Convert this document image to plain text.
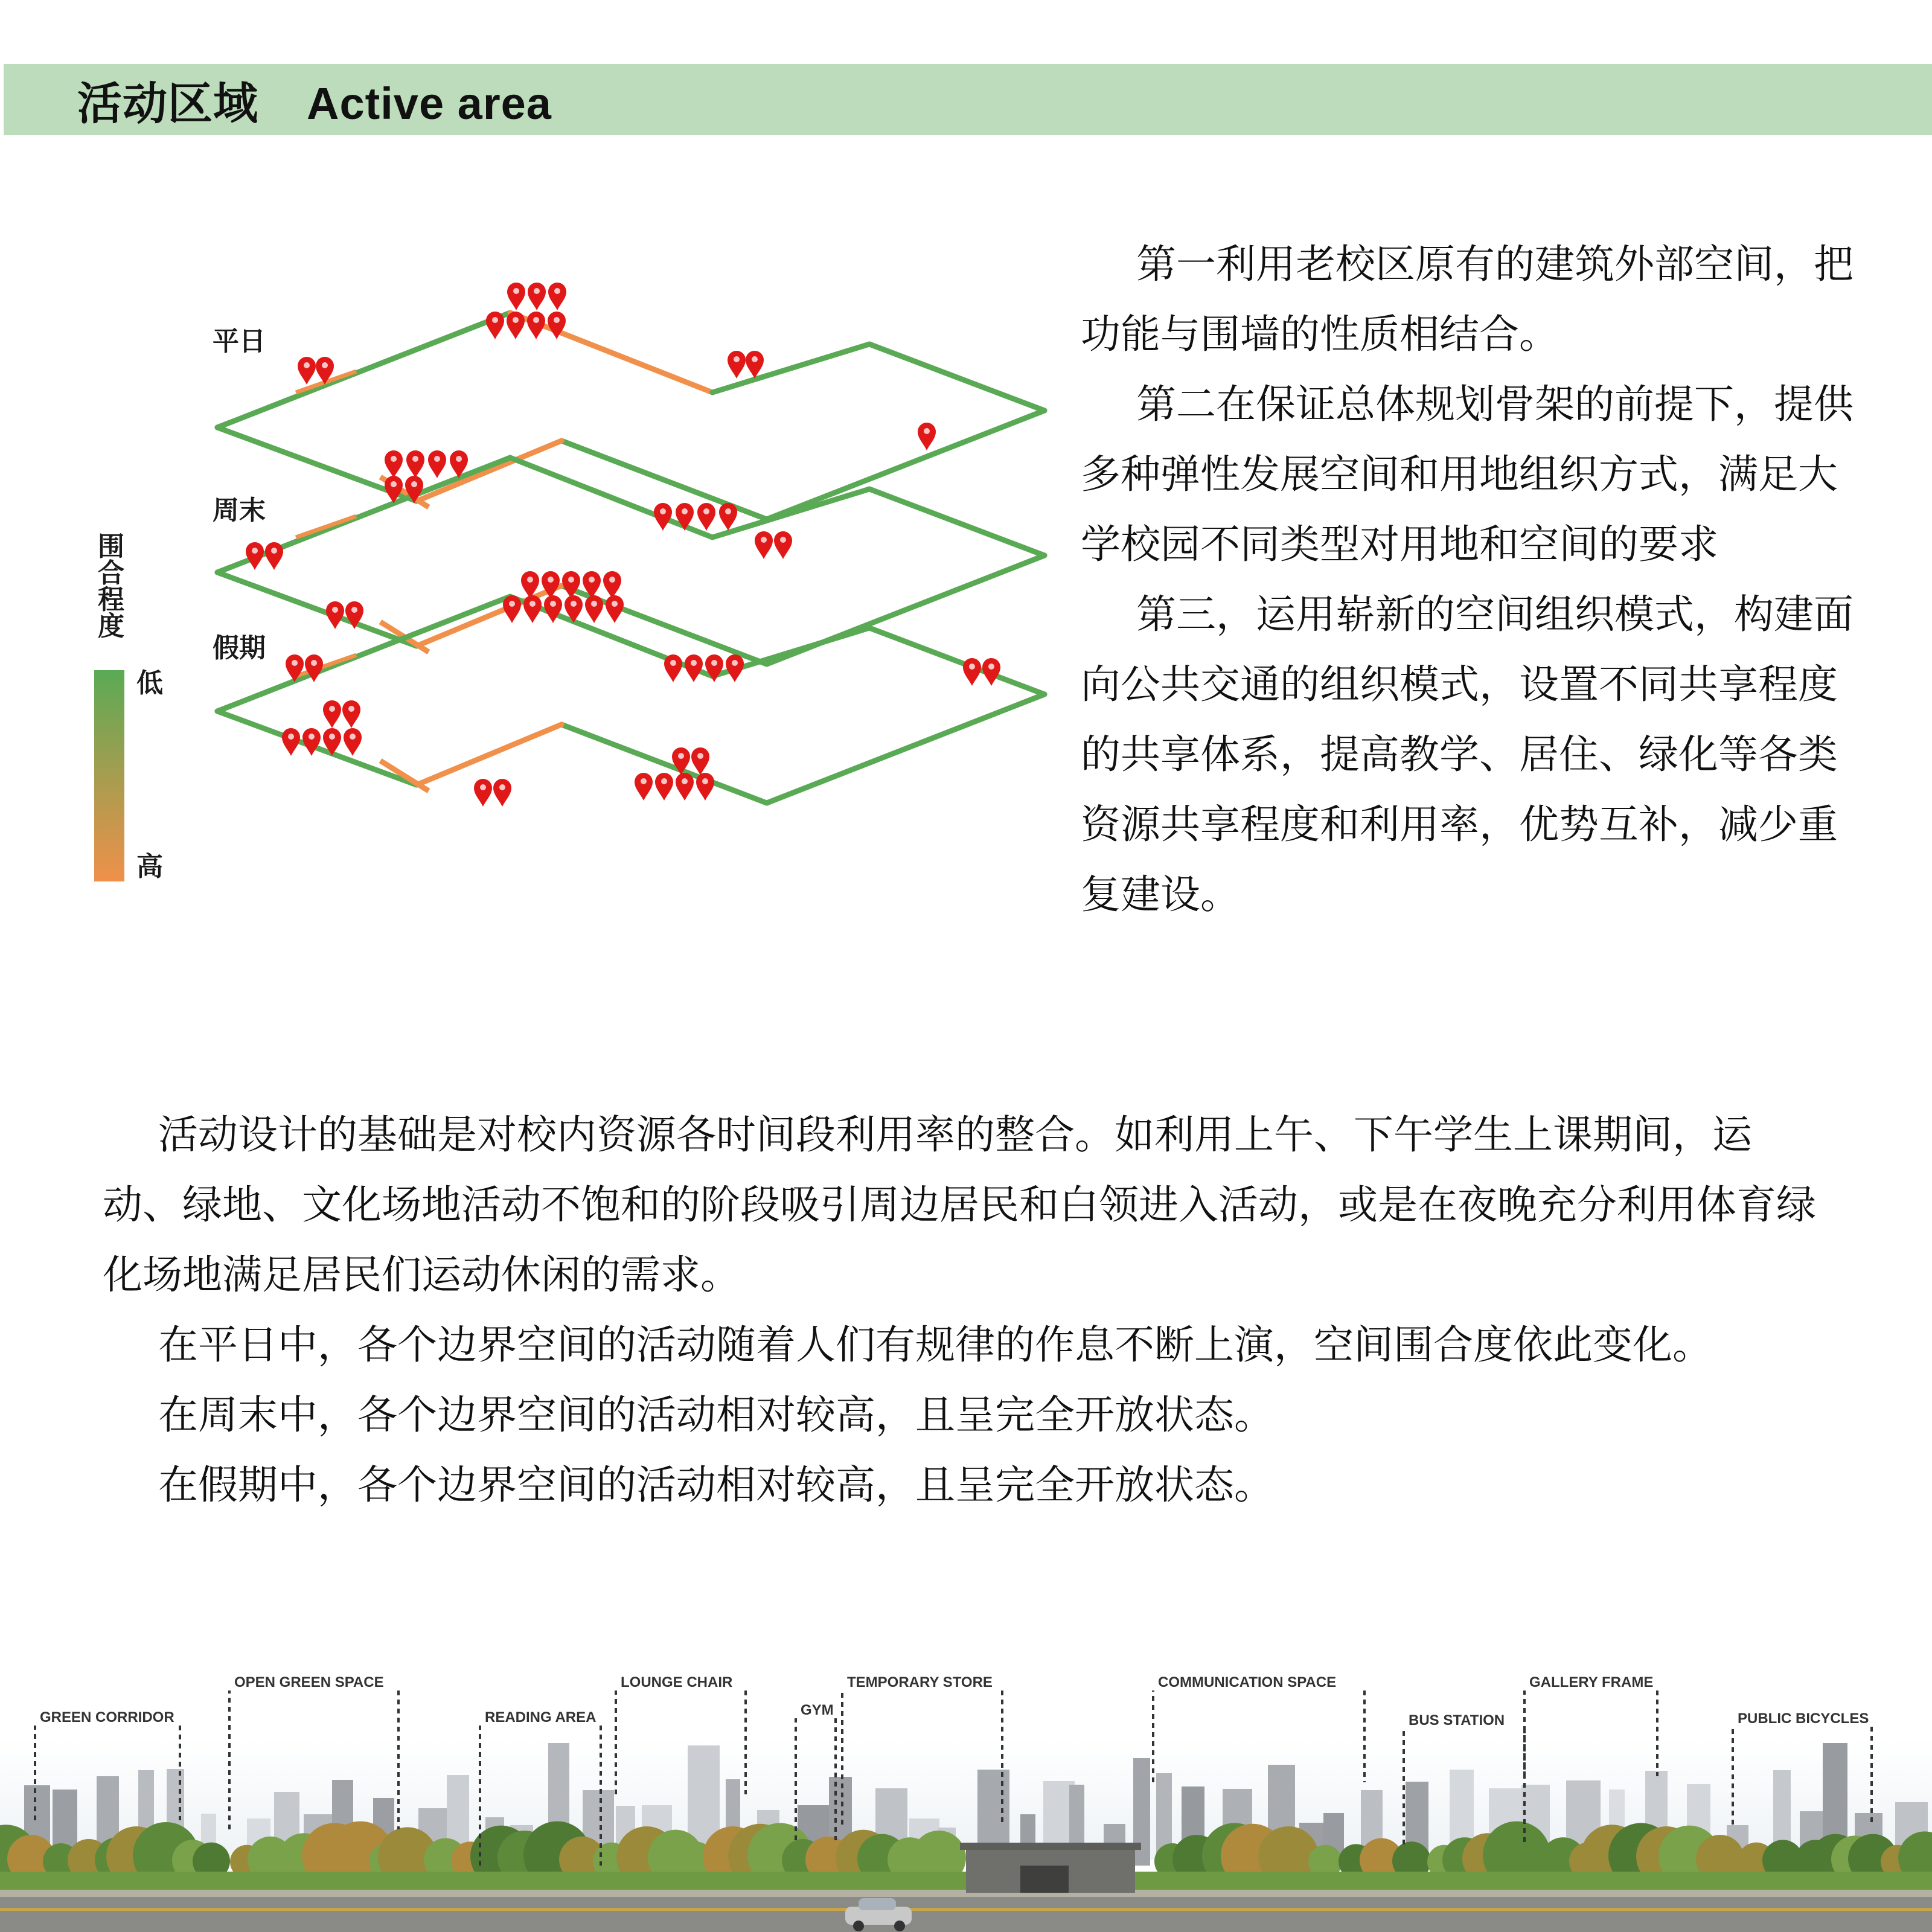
活动区域 Active area
平日
周末
假期
围
合
程
度
低
高

第一利用老校区原有的建筑外部空间，把功能与围墙的性质相结合。

第二在保证总体规划骨架的前提下，提供多种弹性发展空间和用地组织方式，满足大学校园不同类型对用地和空间的要求

第三，运用崭新的空间组织模式，构建面向公共交通的组织模式，设置不同共享程度的共享体系，提高教学、居住、绿化等各类资源共享程度和利用率，优势互补，减少重复建设。

活动设计的基础是对校内资源各时间段利用率的整合。如利用上午、下午学生上课期间，运动、绿地、文化场地活动不饱和的阶段吸引周边居民和白领进入活动，或是在夜晚充分利用体育绿化场地满足居民们运动休闲的需求。

在平日中，各个边界空间的活动随着人们有规律的作息不断上演，空间围合度依此变化。

在周末中，各个边界空间的活动相对较高，且呈完全开放状态。

在假期中，各个边界空间的活动相对较高，且呈完全开放状态。

GREEN CORRIDOR
OPEN GREEN SPACE
READING AREA
LOUNGE CHAIR
GYM
TEMPORARY STORE	COMMUNICATION SPACE
BUS STATION
GALLERY FRAME
PUBLIC BICYCLES
